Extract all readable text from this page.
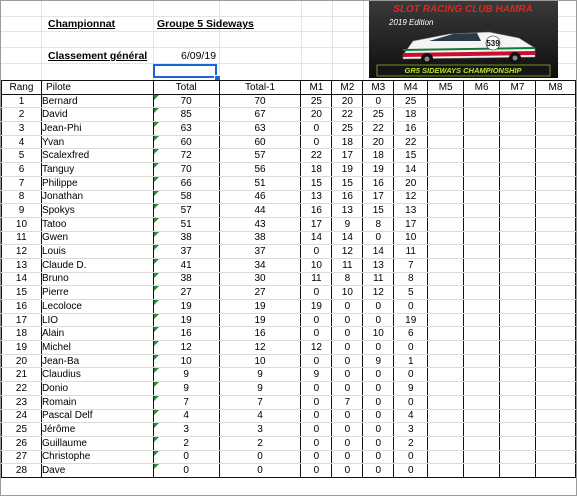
Championnat	Groupe 5 Sideways
Classement général	6/09/19
SLOT RACING CLUB HAMRA
2019 Edition
539
GR5 SIDEWAYS CHAMPIONSHIP
Rang	Pilote	Total	Total-1	M1	M2	M3	M4	M5	M6	M7	M8
1	Bernard	70	70	25	20	0	25				
2	David	85	67	20	22	25	18				
3	Jean-Phi	63	63	0	25	22	16				
4	Yvan	60	60	0	18	20	22				
5	Scalexfred	72	57	22	17	18	15				
6	Tanguy	70	56	18	19	19	14				
7	Philippe	66	51	15	15	16	20				
8	Jonathan	58	46	13	16	17	12				
9	Spokys	57	44	16	13	15	13				
10	Tatoo	51	43	17	9	8	17				
11	Gwen	38	38	14	14	0	10				
12	Louis	37	37	0	12	14	11				
13	Claude D.	41	34	10	11	13	7				
14	Bruno	38	30	11	8	11	8				
15	Pierre	27	27	0	10	12	5				
16	Lecoloce	19	19	19	0	0	0				
17	LIO	19	19	0	0	0	19				
18	Alain	16	16	0	0	10	6				
19	Michel	12	12	12	0	0	0				
20	Jean-Ba	10	10	0	0	9	1				
21	Claudius	9	9	9	0	0	0				
22	Donio	9	9	0	0	0	9				
23	Romain	7	7	0	7	0	0				
24	Pascal Delf	4	4	0	0	0	4				
25	Jérôme	3	3	0	0	0	3				
26	Guillaume	2	2	0	0	0	2				
27	Christophe	0	0	0	0	0	0				
28	Dave	0	0	0	0	0	0				
